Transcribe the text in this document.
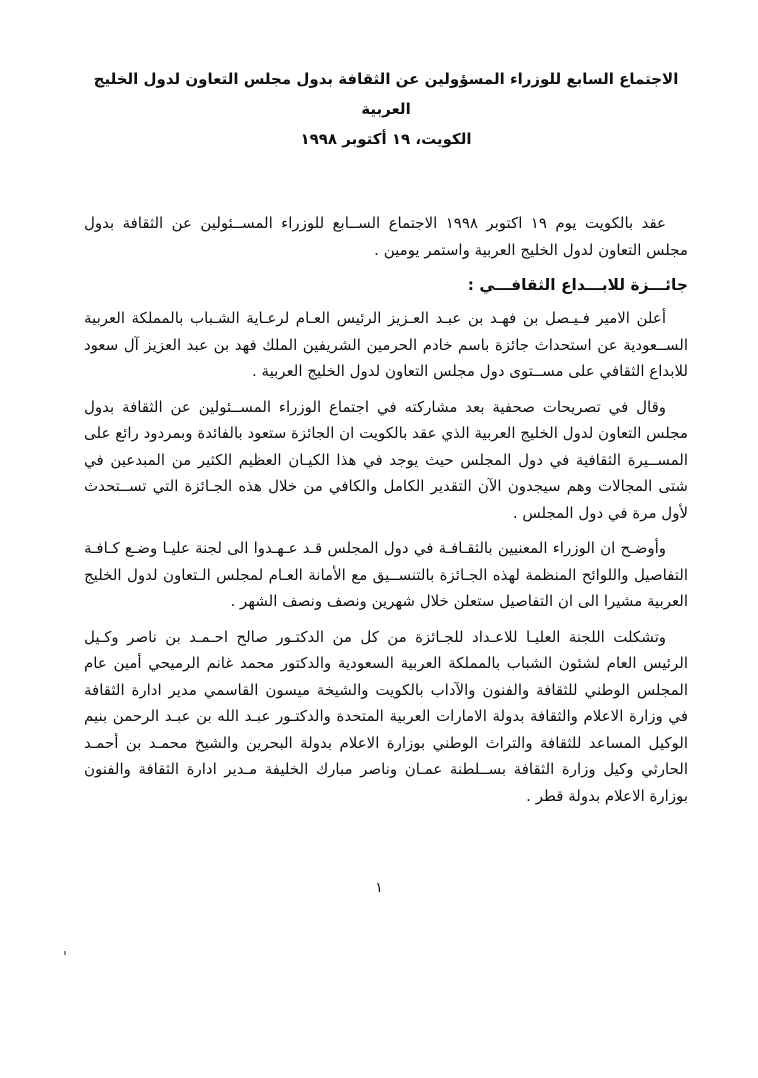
الاجتماع السابع للوزراء المسؤولين عن الثقافة بدول مجلس التعاون لدول الخليج العربية
الكويت، ١٩ أكتوبر ١٩٩٨

عقد بالكويت يوم ١٩ اكتوبر ١٩٩٨ الاجتماع الســابع للوزراء المســئولين عن الثقافة بدول مجلس التعاون لدول الخليج العربية واستمر يومين .

جائـــزة للابـــداع الثقافـــي :

أعلن الامير فـيـصل بن فهـد بن عبـد العـزيز الرئيس العـام لرعـاية الشـباب بالمملكة العربية الســعودية عن استحداث جائزة باسم خادم الحرمين الشريفين الملك فهد بن عبد العزيز آل سعود للابداع الثقافي على مســتوى دول مجلس التعاون لدول الخليج العربية .

وقال في تصريحات صحفية بعد مشاركته في اجتماع الوزراء المســئولين عن الثقافة بدول مجلس التعاون لدول الخليج العربية الذي عقد بالكويت ان الجائزة ستعود بالفائدة وبمردود رائع على المســيرة الثقافية في دول المجلس حيث يوجد في هذا الكيـان العظيم الكثير من المبدعين في شتى المجالات وهم سيجدون الآن التقدير الكامل والكافي من خلال هذه الجـائزة التي تســتحدث لأول مرة في دول المجلس .

وأوضـح ان الوزراء المعنيين بالثقـافـة في دول المجلس قـد عـهـدوا الى لجنة عليـا وضـع كـافـة التفاصيل واللوائح المنظمة لهذه الجـائزة بالتنســيق مع الأمانة العـام لمجلس الـتعاون لدول الخليج العربية مشيرا الى ان التفاصيل ستعلن خلال شهرين ونصف ونصف الشهر .

وتشكلت اللجنة العليـا للاعـداد للجـائزة من كل من الدكتـور صالح احـمـد بن ناصر وكـيل الرئيس العام لشئون الشباب بالمملكة العربية السعودية والدكتور محمد غانم الرميحي أمين عام المجلس الوطني للثقافة والفنون والآداب بالكويت والشيخة ميسون القاسمي مدير ادارة الثقافة في وزارة الاعلام والثقافة بدولة الامارات العربية المتحدة والدكتـور عبـد الله بن عبـد الرحمن بنيم الوكيل المساعد للثقافة والتراث الوطني بوزارة الاعلام بدولة البحرين والشيخ محمـد بن أحمـد الحارثي وكيل وزارة الثقافة بســلطنة عمـان وناصر مبارك الخليفة مـدير ادارة الثقافة والفنون بوزارة الاعلام بدولة قطر .

١
